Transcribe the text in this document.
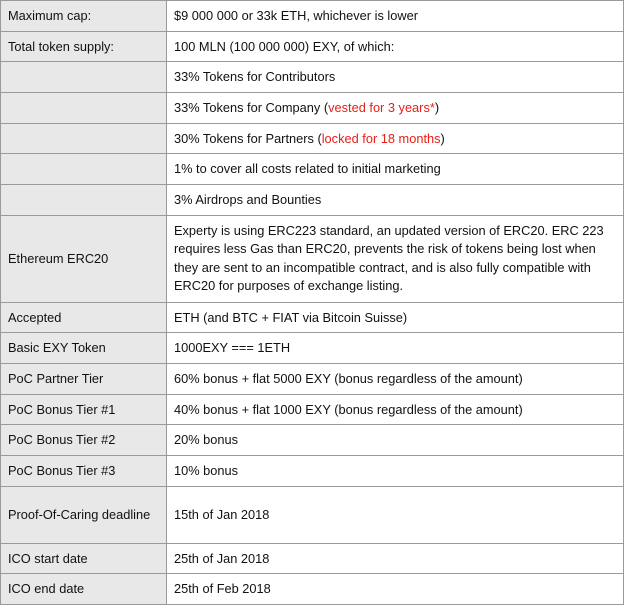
Maximum cap:	$9 000 000 or 33k ETH, whichever is lower
Total token supply:	100 MLN (100 000 000) EXY, of which:
	33% Tokens for Contributors
	33% Tokens for Company (vested for 3 years*)
	30% Tokens for Partners (locked for 18 months)
	1% to cover all costs related to initial marketing
	3% Airdrops and Bounties
Ethereum ERC20	Experty is using ERC223 standard, an updated version of ERC20. ERC 223 requires less Gas than ERC20, prevents the risk of tokens being lost when they are sent to an incompatible contract, and is also fully compatible with ERC20 for purposes of exchange listing.
Accepted	ETH (and BTC + FIAT via Bitcoin Suisse)
Basic EXY Token	1000EXY === 1ETH
PoC Partner Tier	60% bonus + flat 5000 EXY (bonus regardless of the amount)
PoC Bonus Tier #1	40% bonus + flat 1000 EXY (bonus regardless of the amount)
PoC Bonus Tier #2	20% bonus
PoC Bonus Tier #3	10% bonus
Proof-Of-Caring deadline	15th of Jan 2018
ICO start date	25th of Jan 2018
ICO end date	25th of Feb 2018
